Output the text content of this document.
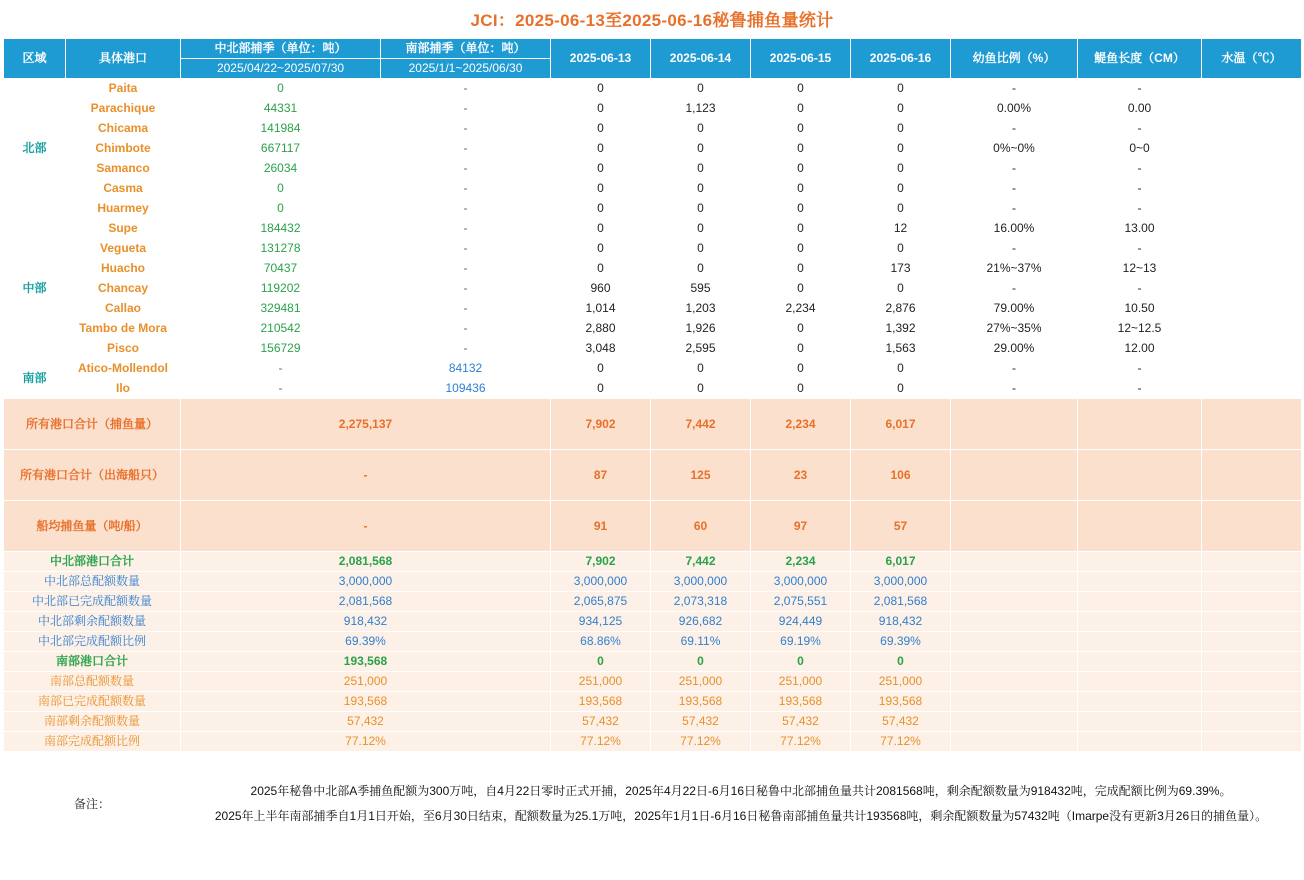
JCI：2025-06-13至2025-06-16秘鲁捕鱼量统计
区域	具体港口	中北部捕季（单位：吨）	南部捕季（单位：吨）	2025-06-13	2025-06-14	2025-06-15	2025-06-16	幼鱼比例（%）	鳀鱼长度（CM）	水温（℃）
		2025/04/22~2025/07/30	2025/1/1~2025/06/30							
北部	Paita	0	-	0	0	0	0	-	-	
	Parachique	44331	-	0	1,123	0	0	0.00%	0.00	
	Chicama	141984	-	0	0	0	0	-	-	
	Chimbote	667117	-	0	0	0	0	0%~0%	0~0	
	Samanco	26034	-	0	0	0	0	-	-	
	Casma	0	-	0	0	0	0	-	-	
	Huarmey	0	-	0	0	0	0	-	-	
中部	Supe	184432	-	0	0	0	12	16.00%	13.00	
	Vegueta	131278	-	0	0	0	0	-	-	
	Huacho	70437	-	0	0	0	173	21%~37%	12~13	
	Chancay	119202	-	960	595	0	0	-	-	
	Callao	329481	-	1,014	1,203	2,234	2,876	79.00%	10.50	
	Tambo de Mora	210542	-	2,880	1,926	0	1,392	27%~35%	12~12.5	
	Pisco	156729	-	3,048	2,595	0	1,563	29.00%	12.00	
南部	Atico-Mollendol	-	84132	0	0	0	0	-	-	
	Ilo	-	109436	0	0	0	0	-	-	
所有港口合计（捕鱼量）		2,275,137		7,902	7,442	2,234	6,017			
所有港口合计（出海船只）		-		87	125	23	106			
船均捕鱼量（吨/船）		-		91	60	97	57			
中北部港口合计		2,081,568		7,902	7,442	2,234	6,017			
中北部总配额数量		3,000,000		3,000,000	3,000,000	3,000,000	3,000,000			
中北部已完成配额数量		2,081,568		2,065,875	2,073,318	2,075,551	2,081,568			
中北部剩余配额数量		918,432		934,125	926,682	924,449	918,432			
中北部完成配额比例		69.39%		68.86%	69.11%	69.19%	69.39%			
南部港口合计		193,568		0	0	0	0			
南部总配额数量		251,000		251,000	251,000	251,000	251,000			
南部已完成配额数量		193,568		193,568	193,568	193,568	193,568			
南部剩余配额数量		57,432		57,432	57,432	57,432	57,432			
南部完成配额比例		77.12%		77.12%	77.12%	77.12%	77.12%			
备注：		2025年秘鲁中北部A季捕鱼配额为300万吨，自4月22日零时正式开捕，2025年4月22日-6月16日秘鲁中北部捕鱼量共计2081568吨，剩余配额数量为918432吨，完成配额比例为69.39%。

2025年上半年南部捕季自1月1日开始，至6月30日结束，配额数量为25.1万吨，2025年1月1日-6月16日秘鲁南部捕鱼量共计193568吨，剩余配额数量为57432吨（Imarpe没有更新3月26日的捕鱼量）。								
